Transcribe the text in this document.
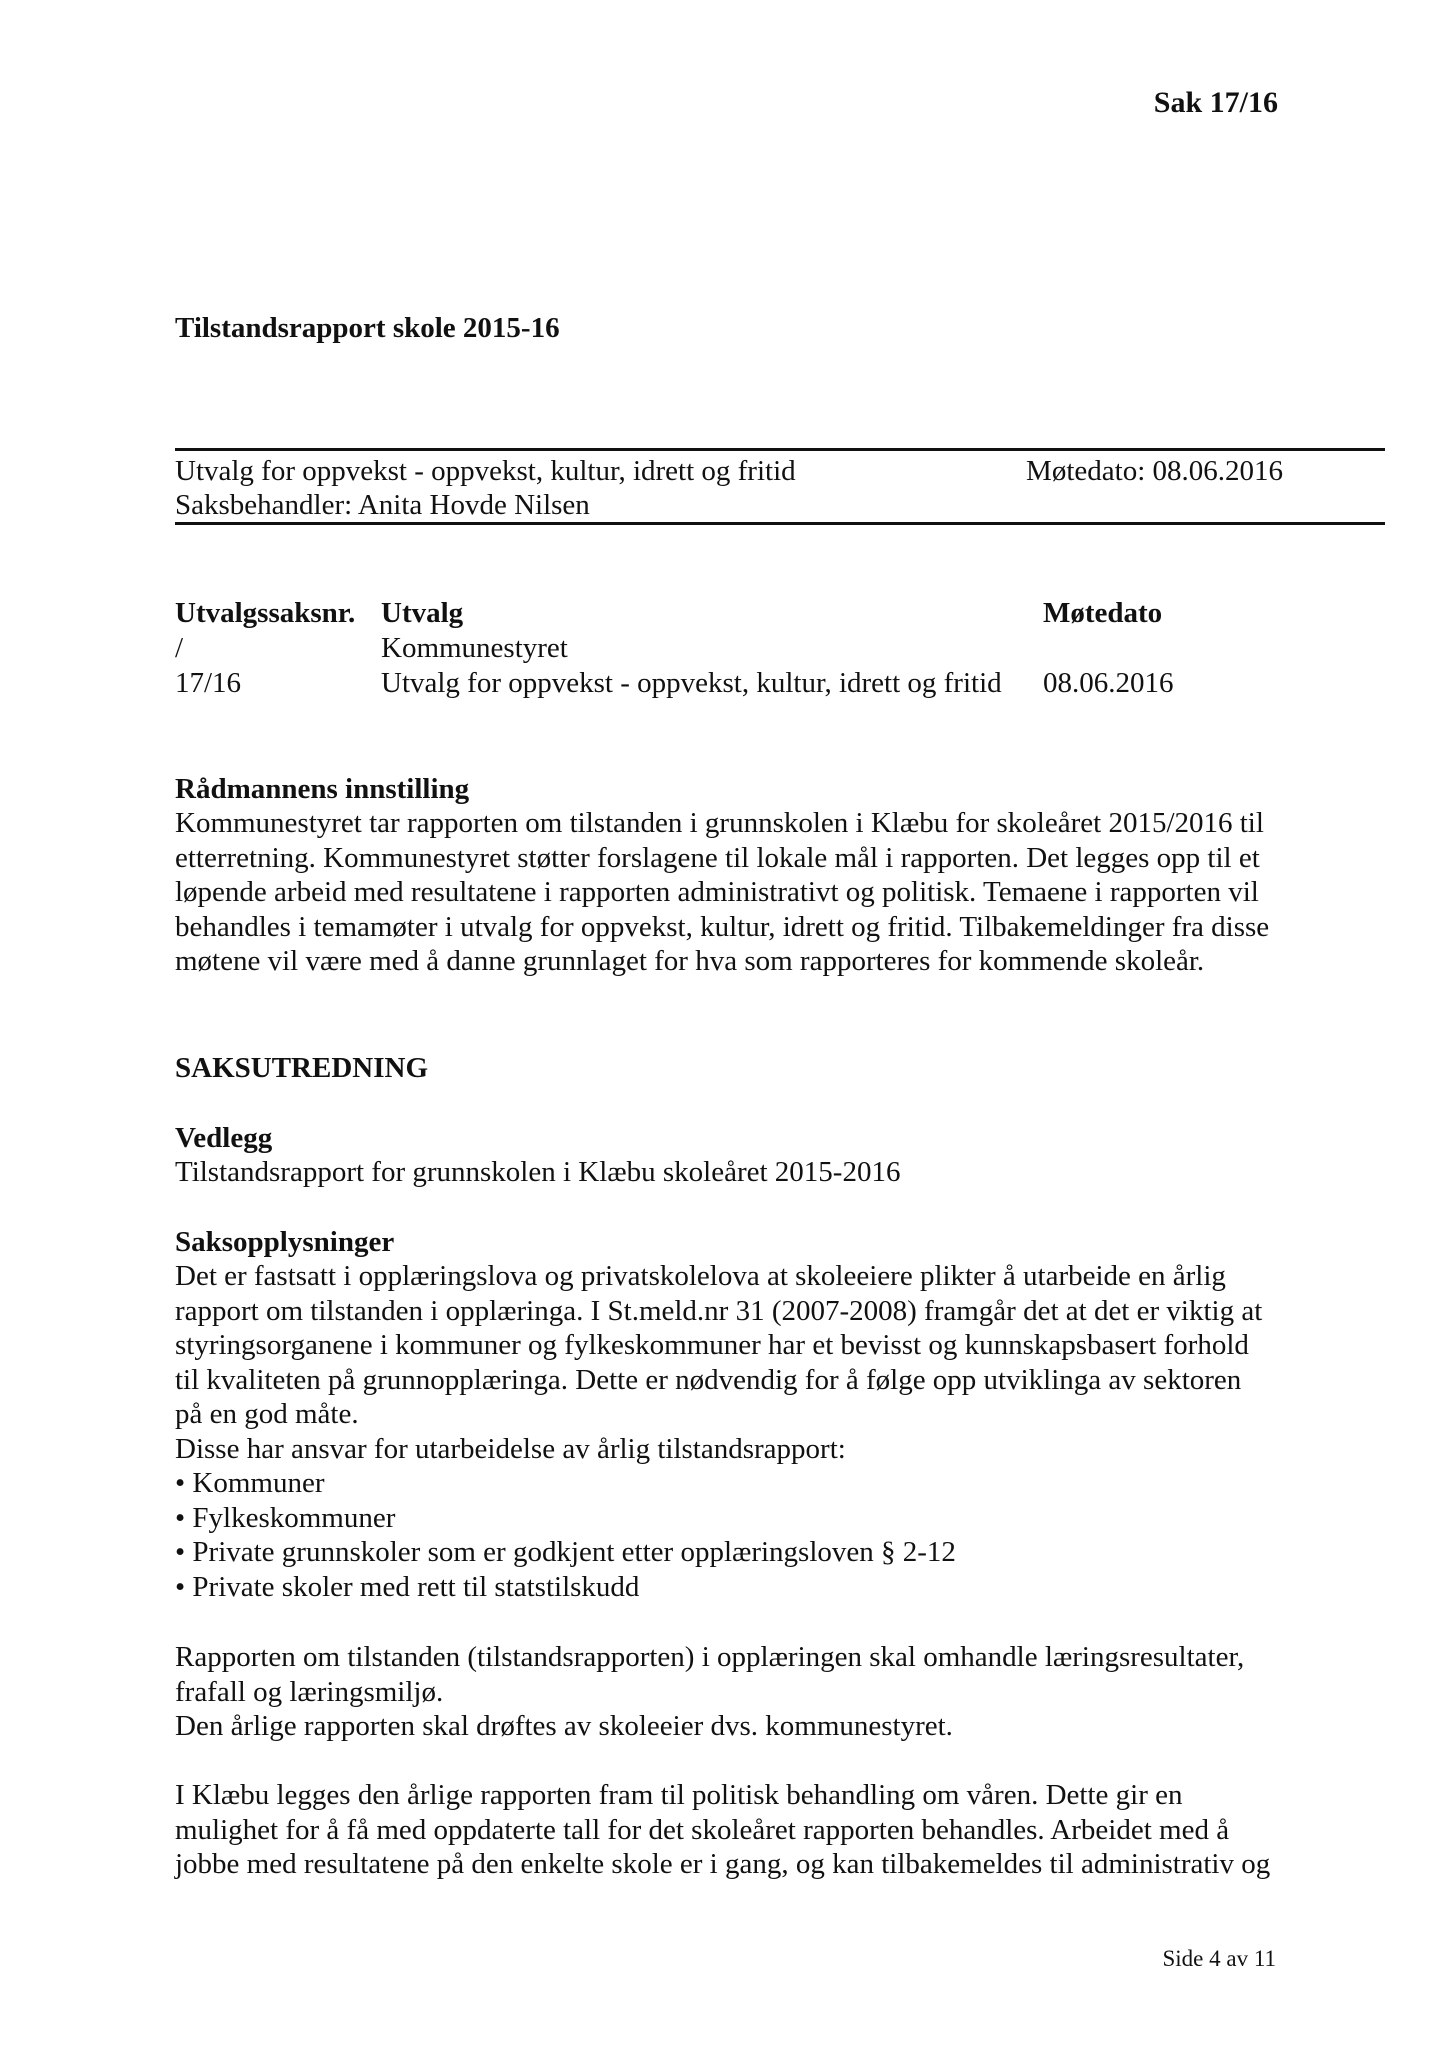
Sak 17/16
Tilstandsrapport skole 2015-16
Utvalg for oppvekst - oppvekst, kultur, idrett og fritid	Møtedato: 08.06.2016
Saksbehandler: Anita Hovde Nilsen
Utvalgssaksnr. Utvalg	Møtedato
/	Kommunestyret
17/16	Utvalg for oppvekst - oppvekst, kultur, idrett og fritid 08.06.2016
Rådmannens innstilling
Kommunestyret tar rapporten om tilstanden i grunnskolen i Klæbu for skoleåret 2015/2016 til
etterretning. Kommunestyret støtter forslagene til lokale mål i rapporten. Det legges opp til et
løpende arbeid med resultatene i rapporten administrativt og politisk. Temaene i rapporten vil
behandles i temamøter i utvalg for oppvekst, kultur, idrett og fritid. Tilbakemeldinger fra disse
møtene vil være med å danne grunnlaget for hva som rapporteres for kommende skoleår.
SAKSUTREDNING
Vedlegg
Tilstandsrapport for grunnskolen i Klæbu skoleåret 2015-2016
Saksopplysninger
Det er fastsatt i opplæringslova og privatskolelova at skoleeiere plikter å utarbeide en årlig
rapport om tilstanden i opplæringa. I St.meld.nr 31 (2007-2008) framgår det at det er viktig at
styringsorganene i kommuner og fylkeskommuner har et bevisst og kunnskapsbasert forhold
til kvaliteten på grunnopplæringa. Dette er nødvendig for å følge opp utviklinga av sektoren
på en god måte.
Disse har ansvar for utarbeidelse av årlig tilstandsrapport:
• Kommuner
• Fylkeskommuner
• Private grunnskoler som er godkjent etter opplæringsloven § 2-12
• Private skoler med rett til statstilskudd
Rapporten om tilstanden (tilstandsrapporten) i opplæringen skal omhandle læringsresultater,
frafall og læringsmiljø.
Den årlige rapporten skal drøftes av skoleeier dvs. kommunestyret.
I Klæbu legges den årlige rapporten fram til politisk behandling om våren. Dette gir en
mulighet for å få med oppdaterte tall for det skoleåret rapporten behandles. Arbeidet med å
jobbe med resultatene på den enkelte skole er i gang, og kan tilbakemeldes til administrativ og
Side 4 av 11
